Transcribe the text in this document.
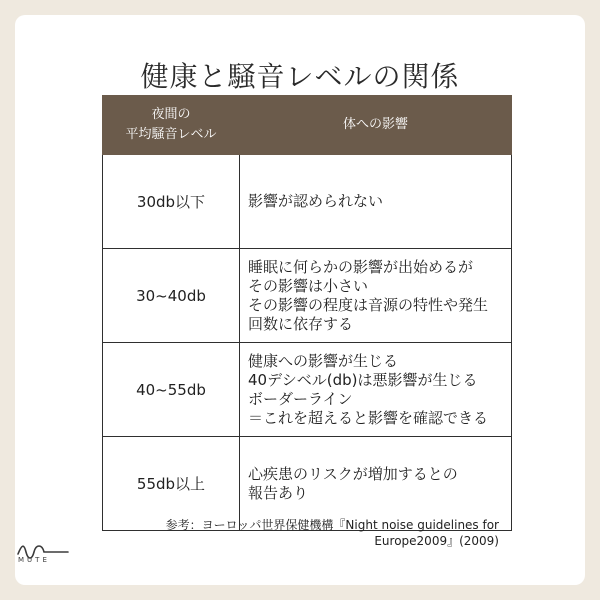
健康と騒音レベルの関係
夜間の
平均騒音レベル	体への影響
30db以下	影響が認められない

30~40db	睡眠に何らかの影響が出始めるが
その影響は小さい
その影響の程度は音源の特性や発生
回数に依存する

40~55db	健康への影響が生じる
40デシベル(db)は悪影響が生じる
ボーダーライン
＝これを超えると影響を確認できる

55db以上	心疾患のリスクが増加するとの
報告あり
参考：ヨーロッパ世界保健機構『Night noise guidelines for
Europe2009』(2009)
MUTE
